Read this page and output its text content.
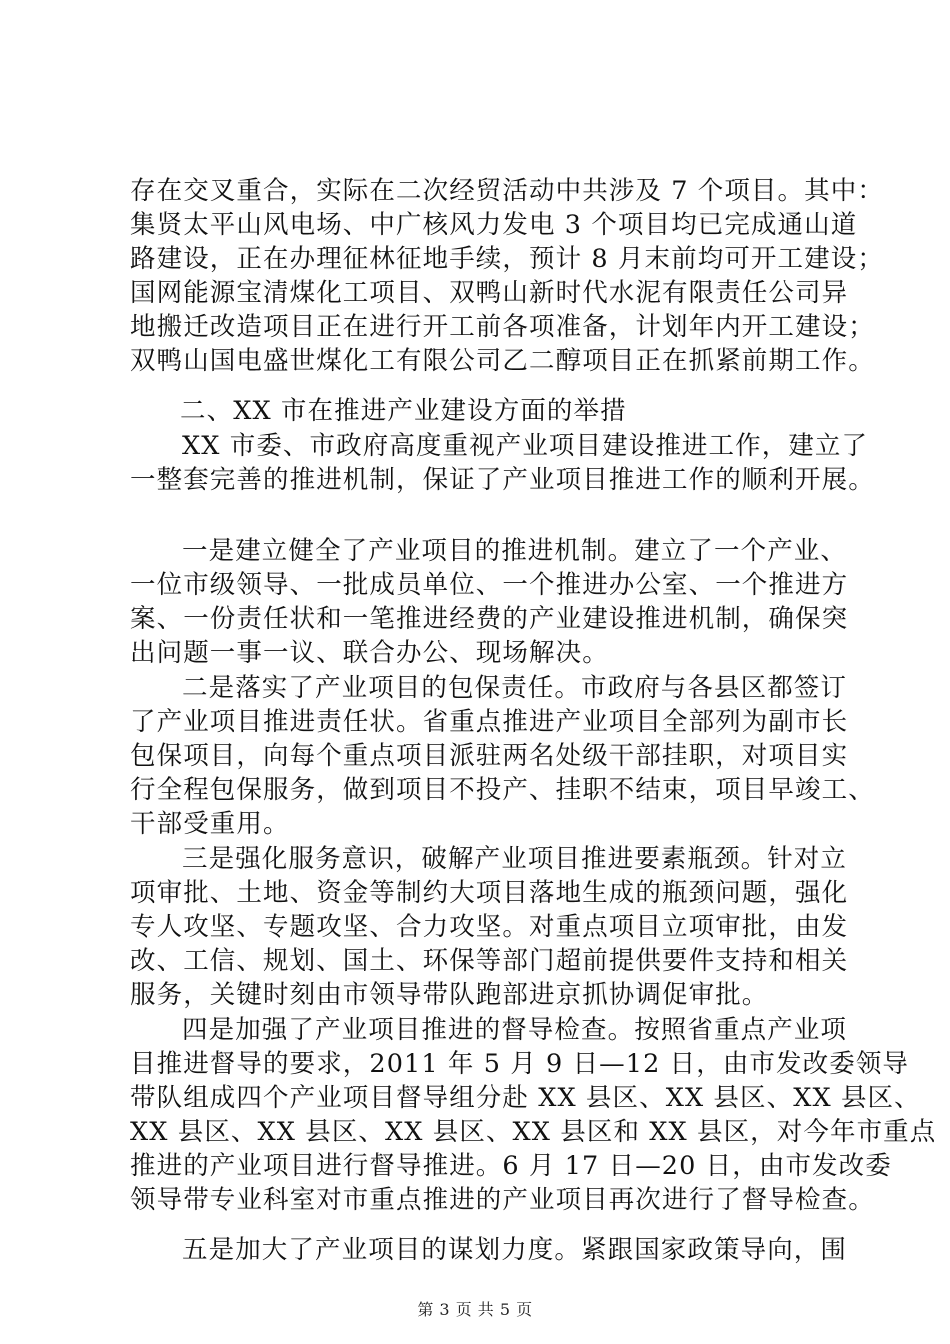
存在交叉重合，实际在二次经贸活动中共涉及 7 个项目。其中：
集贤太平山风电场、中广核风力发电 3 个项目均已完成通山道
路建设，正在办理征林征地手续，预计 8 月末前均可开工建设；
国网能源宝清煤化工项目、双鸭山新时代水泥有限责任公司异
地搬迁改造项目正在进行开工前各项准备，计划年内开工建设；
双鸭山国电盛世煤化工有限公司乙二醇项目正在抓紧前期工作。
二、XX 市在推进产业建设方面的举措
XX 市委、市政府高度重视产业项目建设推进工作，建立了
一整套完善的推进机制，保证了产业项目推进工作的顺利开展。
一是建立健全了产业项目的推进机制。建立了一个产业、
一位市级领导、一批成员单位、一个推进办公室、一个推进方
案、一份责任状和一笔推进经费的产业建设推进机制，确保突
出问题一事一议、联合办公、现场解决。
二是落实了产业项目的包保责任。市政府与各县区都签订
了产业项目推进责任状。省重点推进产业项目全部列为副市长
包保项目，向每个重点项目派驻两名处级干部挂职，对项目实
行全程包保服务，做到项目不投产、挂职不结束，项目早竣工、
干部受重用。
三是强化服务意识，破解产业项目推进要素瓶颈。针对立
项审批、土地、资金等制约大项目落地生成的瓶颈问题，强化
专人攻坚、专题攻坚、合力攻坚。对重点项目立项审批，由发
改、工信、规划、国土、环保等部门超前提供要件支持和相关
服务，关键时刻由市领导带队跑部进京抓协调促审批。
四是加强了产业项目推进的督导检查。按照省重点产业项
目推进督导的要求，2011 年 5 月 9 日—12 日，由市发改委领导
带队组成四个产业项目督导组分赴 XX 县区、XX 县区、XX 县区、
XX 县区、XX 县区、XX 县区、XX 县区和 XX 县区，对今年市重点
推进的产业项目进行督导推进。6 月 17 日—20 日，由市发改委
领导带专业科室对市重点推进的产业项目再次进行了督导检查。
五是加大了产业项目的谋划力度。紧跟国家政策导向，围
第 3 页 共 5 页
